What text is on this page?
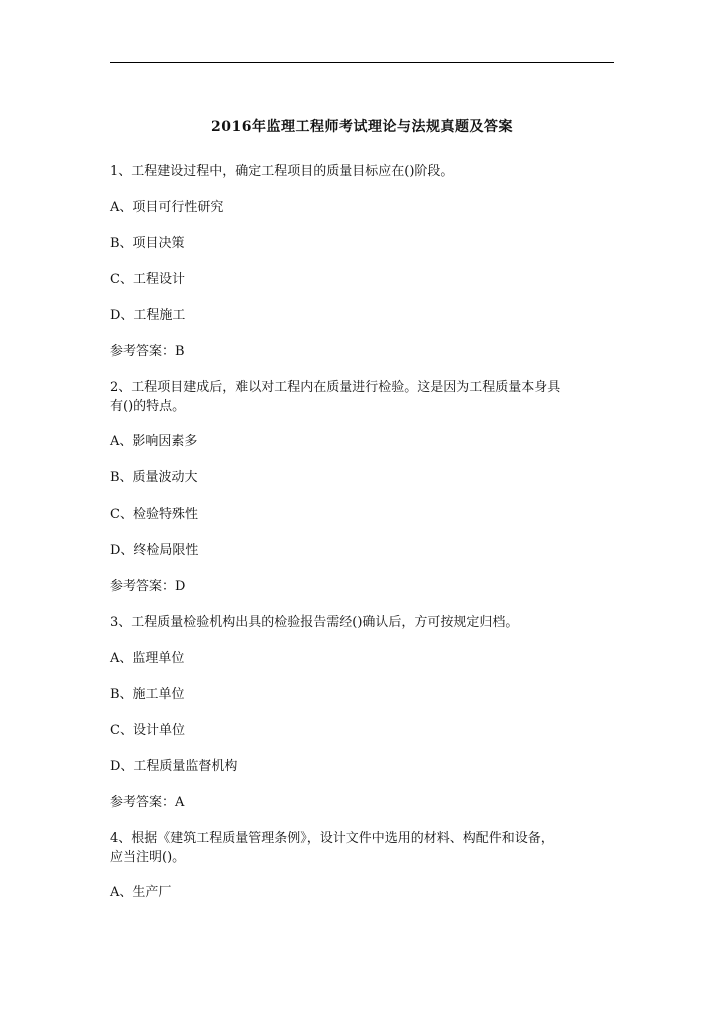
2016年监理工程师考试理论与法规真题及答案
1、工程建设过程中，确定工程项目的质量目标应在()阶段。
A、项目可行性研究
B、项目决策
C、工程设计
D、工程施工
参考答案：B
2、工程项目建成后，难以对工程内在质量进行检验。这是因为工程质量本身具
有()的特点。
A、影响因素多
B、质量波动大
C、检验特殊性
D、终检局限性
参考答案：D
3、工程质量检验机构出具的检验报告需经()确认后，方可按规定归档。
A、监理单位
B、施工单位
C、设计单位
D、工程质量监督机构
参考答案：A
4、根据《建筑工程质量管理条例》，设计文件中选用的材料、构配件和设备，
应当注明()。
A、生产厂
